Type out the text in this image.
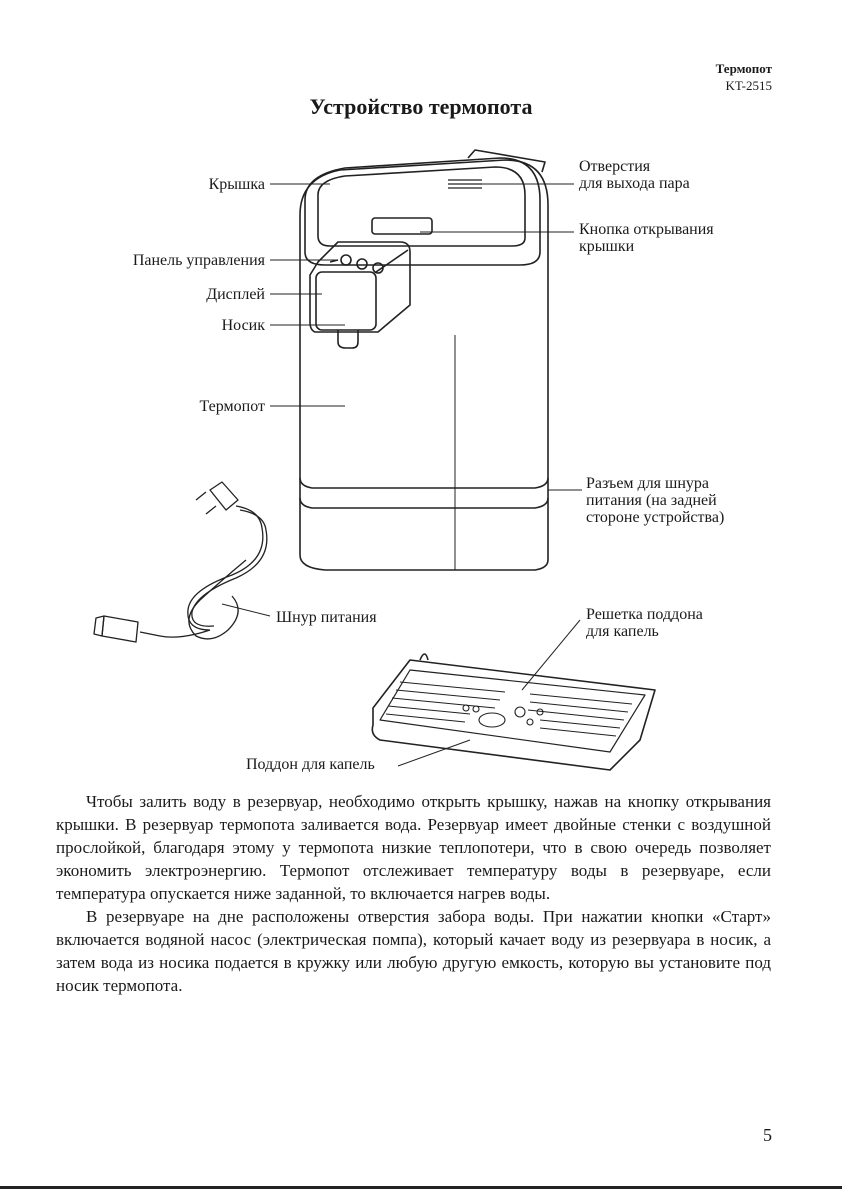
Термопот
KT-2515
Устройство термопота
Крышка
Панель управления
Дисплей
Носик
Термопот
Отверстия
для выхода пара
Кнопка открывания
крышки
Разъем для шнура
питания (на задней
стороне устройства)
Шнур питания	Решетка поддона
для капель
Поддон для капель

Чтобы залить воду в резервуар, необходимо открыть крышку, нажав на кнопку открывания крышки. В резервуар термопота заливается вода. Резервуар имеет двойные стенки с воздушной прослойкой, благодаря этому у термопота низкие теплопотери, что в свою очередь позволяет экономить электроэнергию. Термопот отслеживает температуру воды в резервуаре, если температура опускается ниже заданной, то включается нагрев воды.

В резервуаре на дне расположены отверстия забора воды. При нажатии кнопки «Старт» включается водяной насос (электрическая помпа), который качает воду из резервуара в носик, а затем вода из носика подается в кружку или любую другую емкость, которую вы установите под носик термопота.

5
